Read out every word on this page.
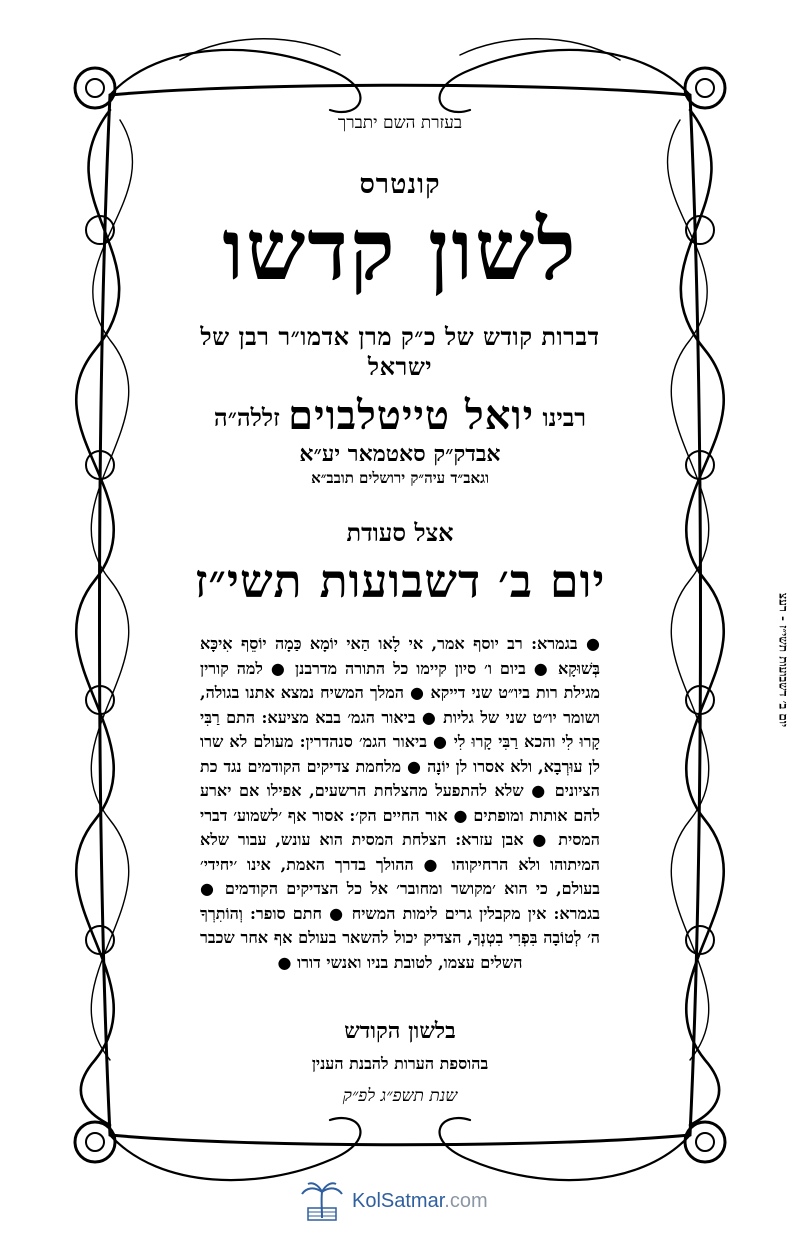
בעזרת השם יתברך
קונטרס
לשון קדשו
דברות קודש של כ״ק מרן אדמו״ר רבן של ישראל
רבינו יואל טייטלבוים זללה״ה
אבדק״ק סאטמאר יע״א
וגאב״ד עיה״ק ירושלים תובב״א
אצל סעודת
יום ב׳ דשבועות תשי״ז
● בגמרא: רב יוסף אמר, אי לָאו הַאי יוֹמָא כַּמָה יוֹסֵף אִיכָּא בְּשׁוּקָא ● ביום ו׳ סיון קיימו כל התורה מדרבנן ● למה קורין מגילת רות ביו״ט שני דייקא ● המלך המשיח נמצא אתנו בגולה, ושומר יו״ט שני של גליות ● ביאור הגמ׳ בבא מציעא: התם רַבִּי קָרוּ לִי והכא רַבִּי קָרוּ לִי ● ביאור הגמ׳ סנהדרין: מעולם לא שרו לן עוּרְבָא, ולא אסרו לן יוֹנָה ● מלחמת צדיקים הקודמים נגד כת הציונים ● שלא להתפעל מהצלחת הרשעים, אפילו אם יארע להם אותות ומופתים ● אור החיים הק׳: אסור אף ׳לשמוע׳ דברי המסית ● אבן עזרא: הצלחת המסית הוא עונש, עבור שלא המיתוהו ולא הרחיקוהו ● ההולך בדרך האמת, אינו ׳יחידי׳ בעולם, כי הוא ׳מקושר ומחובר׳ אל כל הצדיקים הקודמים ● בגמרא: אין מקבלין גרים לימות המשיח ● חתם סופר: וְהוֹתִרְךָ ה׳ לְטוֹבָה בִּפְרִי בִטְנְךָ, הצדיק יכול להשאר בעולם אף אחר שכבר השלים עצמו, לטובת בניו ואנשי דורו ●
בלשון הקודש
בהוספת הערות להבנת הענין
שנת תשפ״ג לפ״ק
יום ב׳ דשבועות תשי״ז - רעצ
KolSatmar.com
